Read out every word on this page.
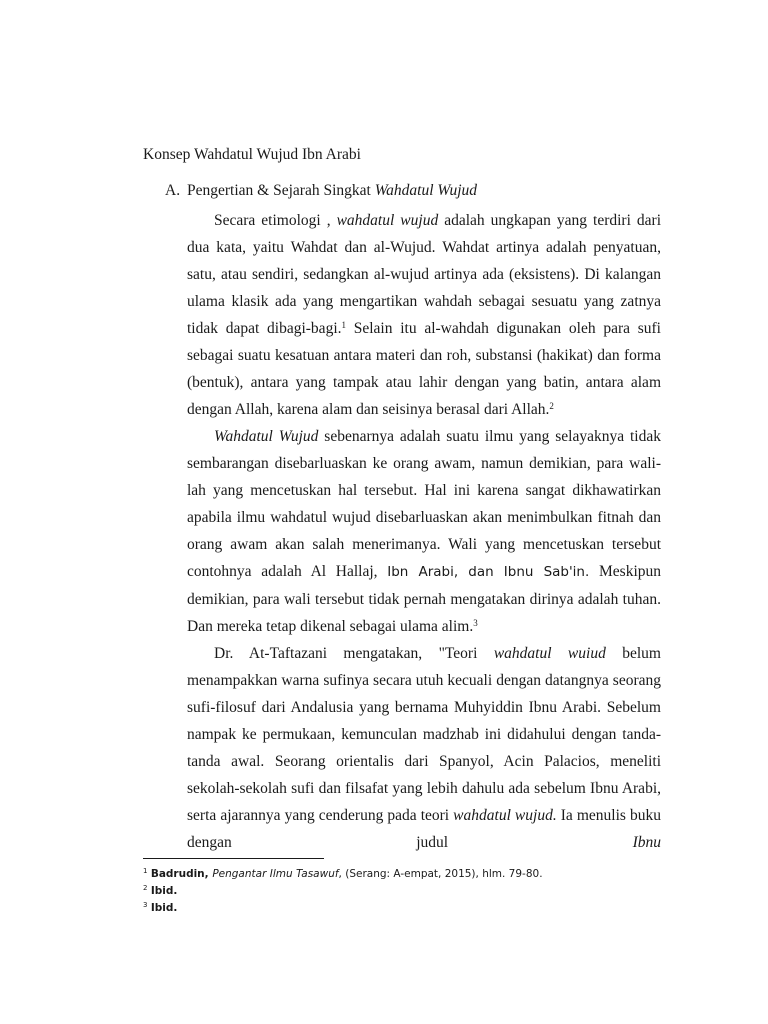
Konsep Wahdatul Wujud Ibn Arabi
A. Pengertian & Sejarah Singkat Wahdatul Wujud

Secara etimologi , wahdatul wujud adalah ungkapan yang terdiri dari dua kata, yaitu Wahdat dan al-Wujud. Wahdat artinya adalah penyatuan, satu, atau sendiri, sedangkan al-wujud artinya ada (eksistens). Di kalangan ulama klasik ada yang mengartikan wahdah sebagai sesuatu yang zatnya tidak dapat dibagi-bagi.$^1$ Selain itu al-wahdah digunakan oleh para sufi sebagai suatu kesatuan antara materi dan roh, substansi (hakikat) dan forma (bentuk), antara yang tampak atau lahir dengan yang batin, antara alam dengan Allah, karena alam dan seisinya berasal dari Allah.$^2$

Wahdatul Wujud sebenarnya adalah suatu ilmu yang selayaknya tidak sembarangan disebarluaskan ke orang awam, namun demikian, para wali-lah yang mencetuskan hal tersebut. Hal ini karena sangat dikhawatirkan apabila ilmu wahdatul wujud disebarluaskan akan menimbulkan fitnah dan orang awam akan salah menerimanya. Wali yang mencetuskan tersebut contohnya adalah Al Hallaj, Ibn Arabi, dan Ibnu Sab'in. Meskipun demikian, para wali tersebut tidak pernah mengatakan dirinya adalah tuhan. Dan mereka tetap dikenal sebagai ulama alim.$^3$

Dr. At-Taftazani mengatakan, "Teori wahdatul wuiud belum menampakkan warna sufinya secara utuh kecuali dengan datangnya seorang sufi-filosuf dari Andalusia yang bernama Muhyiddin Ibnu Arabi. Sebelum nampak ke permukaan, kemunculan madzhab ini didahului dengan tanda-tanda awal. Seorang orientalis dari Spanyol, Acin Palacios, meneliti sekolah-sekolah sufi dan filsafat yang lebih dahulu ada sebelum Ibnu Arabi, serta ajarannya yang cenderung pada teori wahdatul wujud. Ia menulis buku dengan judul Ibnu

$^1$ Badrudin, Pengantar Ilmu Tasawuf, (Serang: A-empat, 2015), hlm. 79-80.
$^2$ Ibid.
$^3$ Ibid.
